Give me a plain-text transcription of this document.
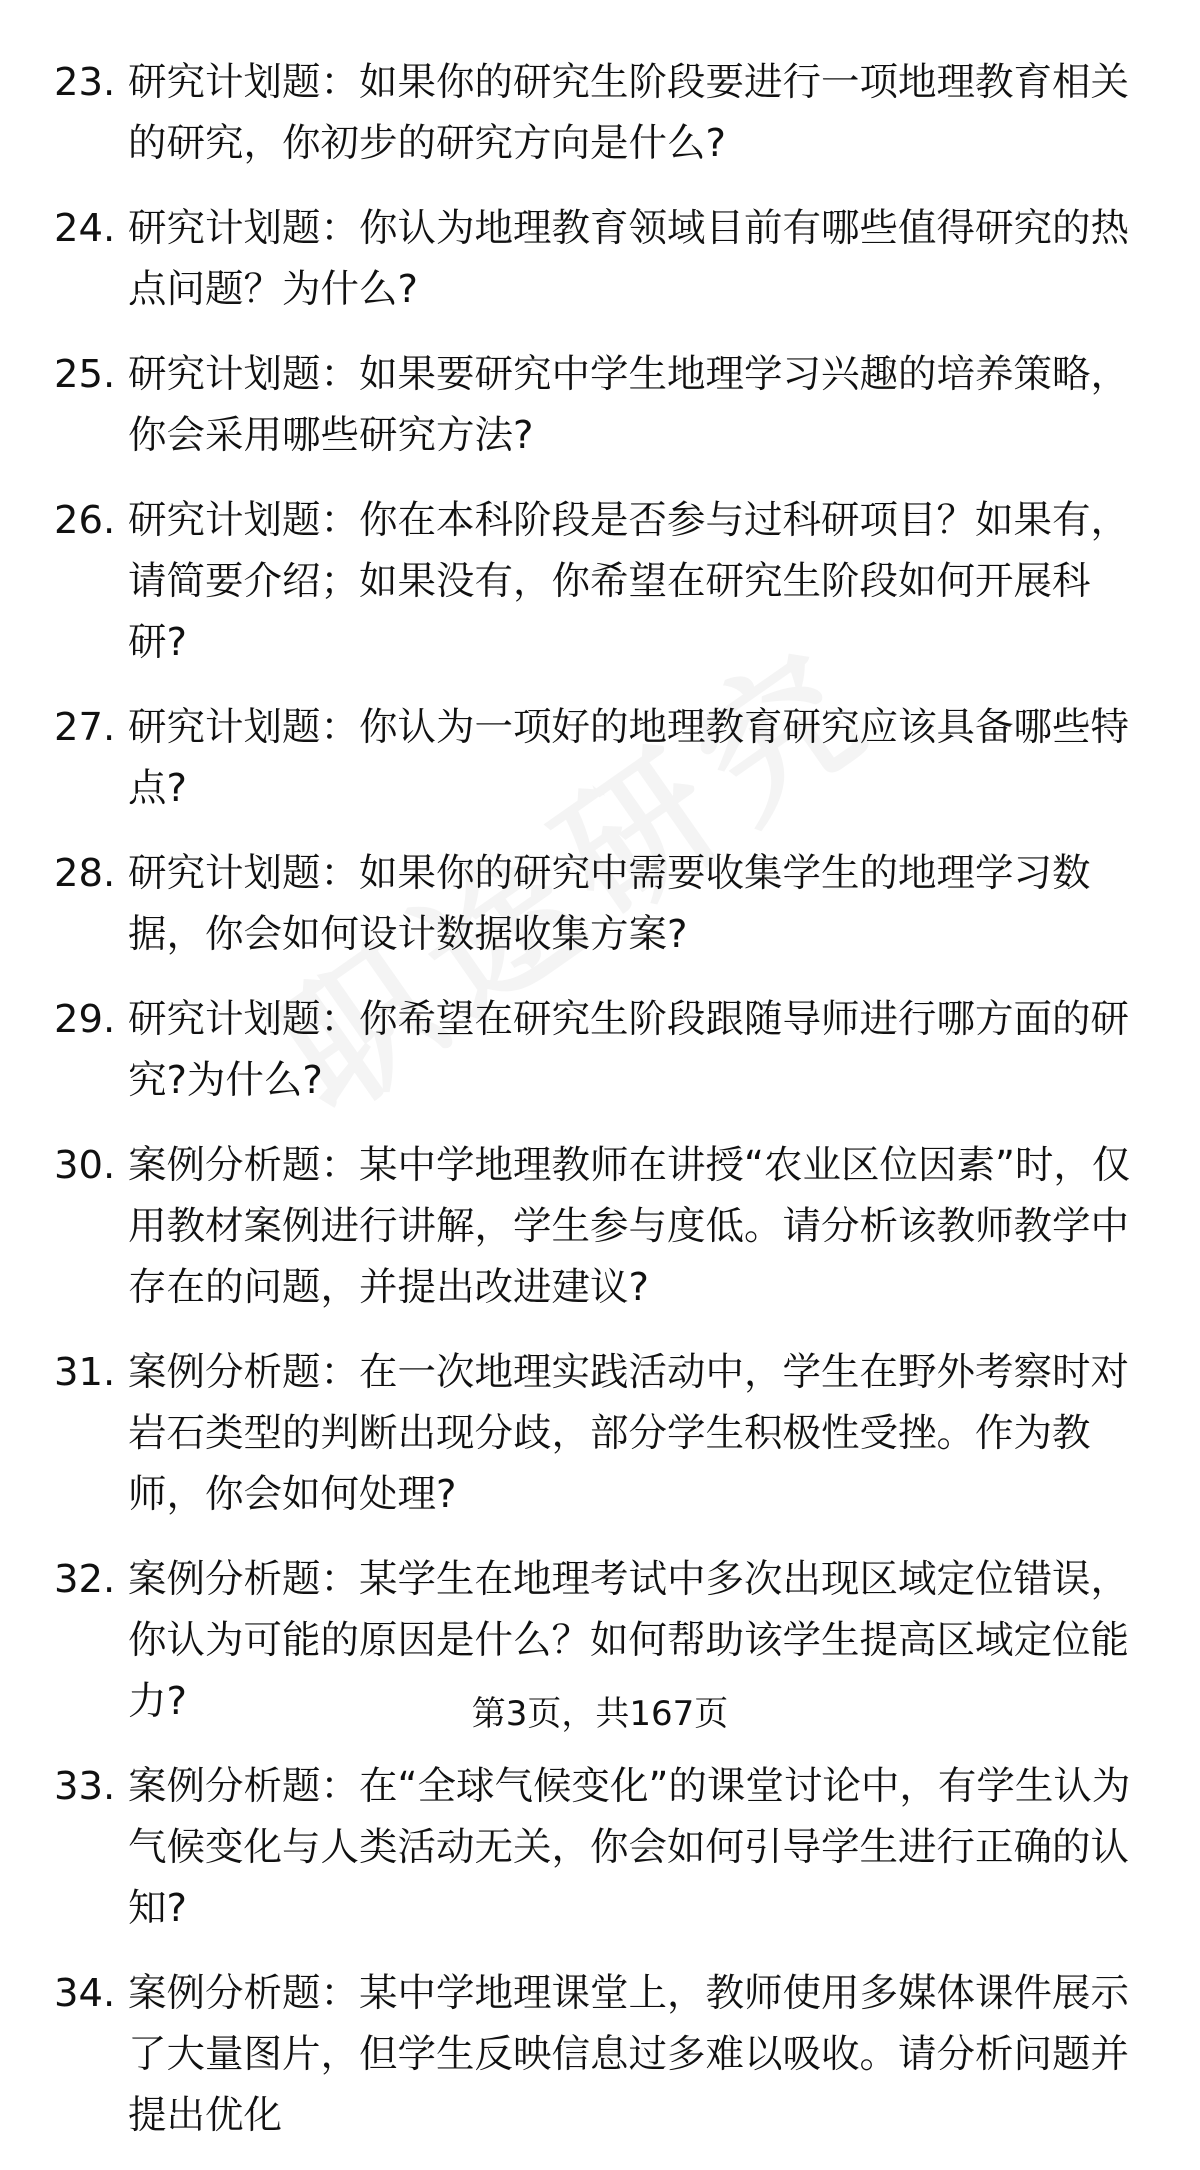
23. 研究计划题：如果你的研究生阶段要进行一项地理教育相关的研究，你初步的研究方向是什么?
24. 研究计划题：你认为地理教育领域目前有哪些值得研究的热点问题？为什么?
25. 研究计划题：如果要研究中学生地理学习兴趣的培养策略，你会采用哪些研究方法?
26. 研究计划题：你在本科阶段是否参与过科研项目？如果有，请简要介绍；如果没有，你希望在研究生阶段如何开展科研?
27. 研究计划题：你认为一项好的地理教育研究应该具备哪些特点?
28. 研究计划题：如果你的研究中需要收集学生的地理学习数据，你会如何设计数据收集方案?
29. 研究计划题：你希望在研究生阶段跟随导师进行哪方面的研究?为什么?
30. 案例分析题：某中学地理教师在讲授“农业区位因素”时，仅用教材案例进行讲解，学生参与度低。请分析该教师教学中存在的问题，并提出改进建议?
31. 案例分析题：在一次地理实践活动中，学生在野外考察时对岩石类型的判断出现分歧，部分学生积极性受挫。作为教师，你会如何处理?
32. 案例分析题：某学生在地理考试中多次出现区域定位错误，你认为可能的原因是什么？如何帮助该学生提高区域定位能力?
33. 案例分析题：在“全球气候变化”的课堂讨论中，有学生认为气候变化与人类活动无关，你会如何引导学生进行正确的认知?
34. 案例分析题：某中学地理课堂上，教师使用多媒体课件展示了大量图片，但学生反映信息过多难以吸收。请分析问题并提出优化
第3页，共167页
